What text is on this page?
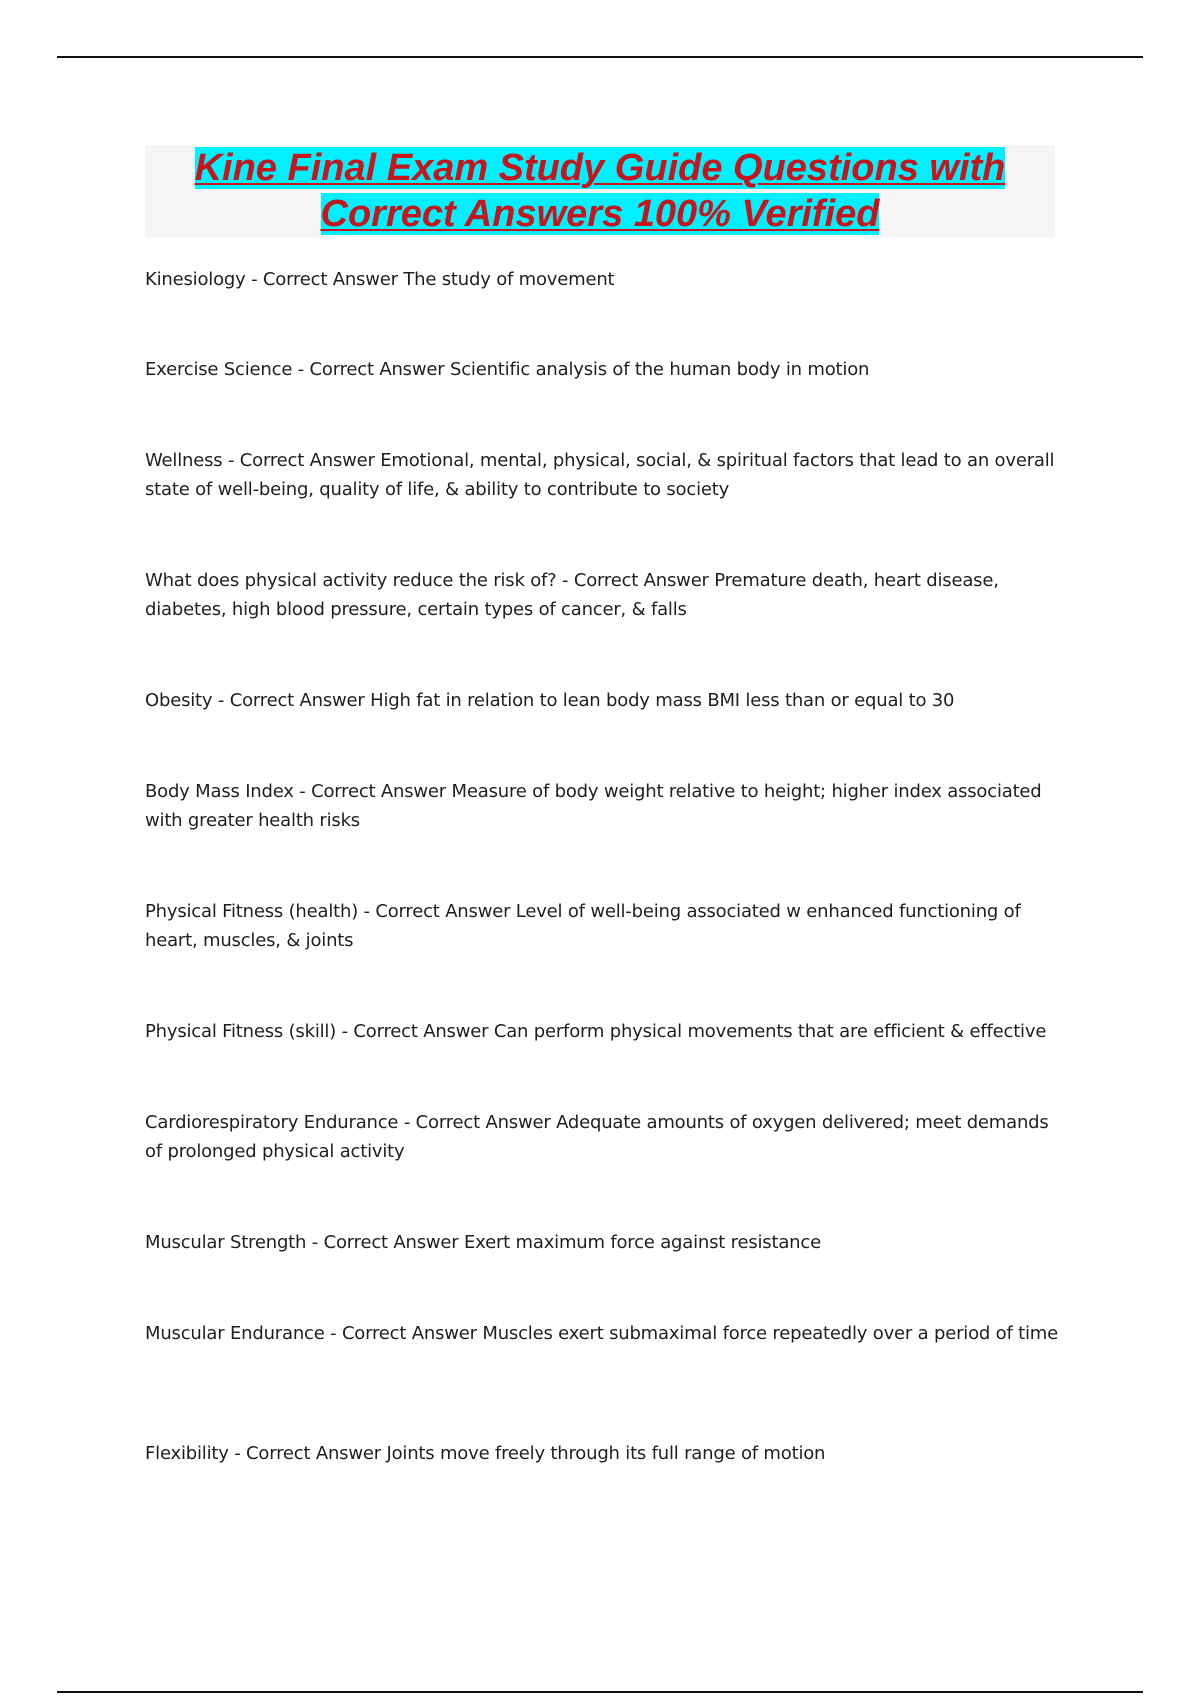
Kine Final Exam Study Guide Questions with Correct Answers 100% Verified
Kinesiology - Correct Answer The study of movement
Exercise Science - Correct Answer Scientific analysis of the human body in motion
Wellness - Correct Answer Emotional, mental, physical, social, & spiritual factors that lead to an overall state of well-being, quality of life, & ability to contribute to society
What does physical activity reduce the risk of? - Correct Answer Premature death, heart disease, diabetes, high blood pressure, certain types of cancer, & falls
Obesity - Correct Answer High fat in relation to lean body mass BMI less than or equal to 30
Body Mass Index - Correct Answer Measure of body weight relative to height; higher index associated with greater health risks
Physical Fitness (health) - Correct Answer Level of well-being associated w enhanced functioning of heart, muscles, & joints
Physical Fitness (skill) - Correct Answer Can perform physical movements that are efficient & effective
Cardiorespiratory Endurance - Correct Answer Adequate amounts of oxygen delivered; meet demands of prolonged physical activity
Muscular Strength - Correct Answer Exert maximum force against resistance
Muscular Endurance - Correct Answer Muscles exert submaximal force repeatedly over a period of time
Flexibility - Correct Answer Joints move freely through its full range of motion
